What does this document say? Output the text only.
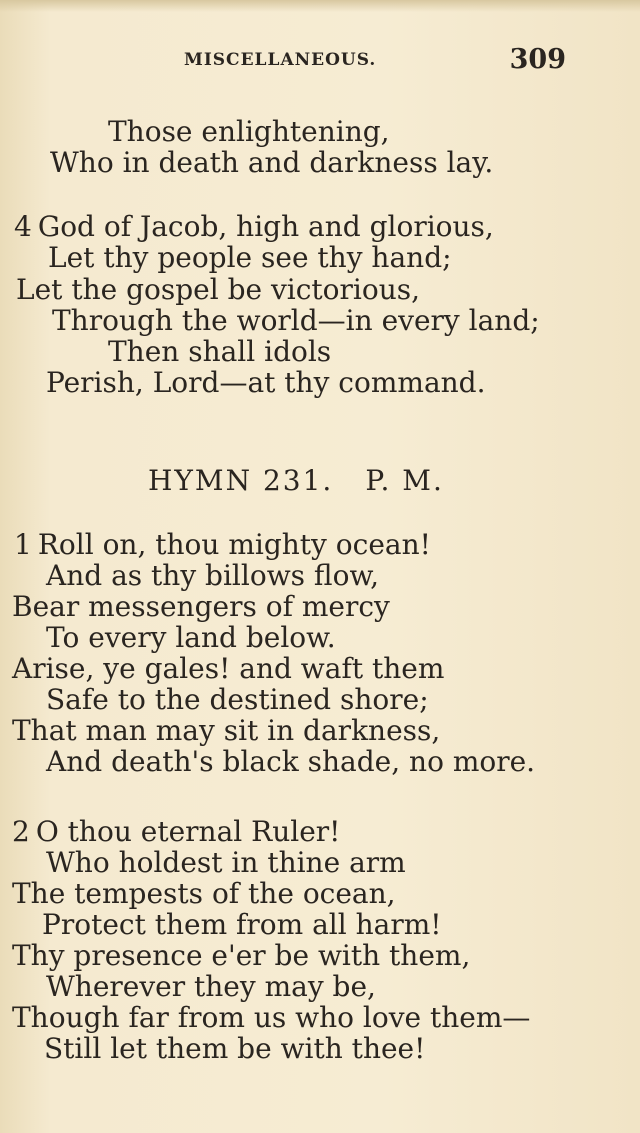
MISCELLANEOUS.	309
Those enlightening,
Who in death and darkness lay.
4 God of Jacob, high and glorious,
Let thy people see thy hand;
Let the gospel be victorious,
Through the world—in every land;
Then shall idols
Perish, Lord—at thy command.
HYMN 231. P. M.
1 Roll on, thou mighty ocean!
And as thy billows flow,
Bear messengers of mercy
To every land below.
Arise, ye gales! and waft them
Safe to the destined shore;
That man may sit in darkness,
And death's black shade, no more.
2 O thou eternal Ruler!
Who holdest in thine arm
The tempests of the ocean,
Protect them from all harm!
Thy presence e'er be with them,
Wherever they may be,
Though far from us who love them—
Still let them be with thee!
